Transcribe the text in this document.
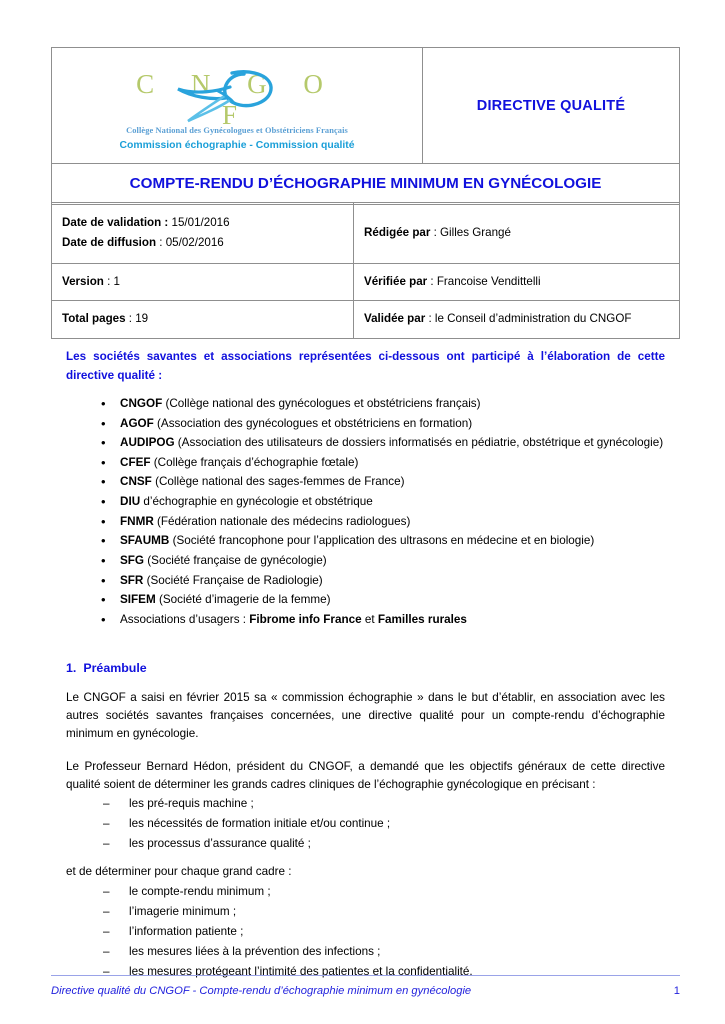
C N G O F
Collège National des Gynécologues et Obstétriciens Français
Commission échographie - Commission qualité
	DIRECTIVE QUALITÉ
COMPTE-RENDU D’ÉCHOGRAPHIE MINIMUM EN GYNÉCOLOGIE
Date de validation : 15/01/2016
Date de diffusion : 05/02/2016	Rédigée par : Gilles Grangé
Version : 1	Vérifiée par : Francoise Vendittelli
Total pages : 19	Validée par : le Conseil d’administration du CNGOF

Les sociétés savantes et associations représentées ci-dessous ont participé à l’élaboration de cette directive qualité :

• CNGOF (Collège national des gynécologues et obstétriciens français)
• AGOF (Association des gynécologues et obstétriciens en formation)
• AUDIPOG (Association des utilisateurs de dossiers informatisés en pédiatrie, obstétrique et gynécologie)
• CFEF (Collège français d’échographie fœtale)
• CNSF (Collège national des sages-femmes de France)
• DIU d’échographie en gynécologie et obstétrique
• FNMR (Fédération nationale des médecins radiologues)
• SFAUMB (Société francophone pour l’application des ultrasons en médecine et en biologie)
• SFG (Société française de gynécologie)
• SFR (Société Française de Radiologie)
• SIFEM (Société d’imagerie de la femme)
• Associations d’usagers : Fibrome info France et Familles rurales
1. Préambule

Le CNGOF a saisi en février 2015 sa « commission échographie » dans le but d’établir, en association avec les autres sociétés savantes françaises concernées, une directive qualité pour un compte-rendu d’échographie minimum en gynécologie.

Le Professeur Bernard Hédon, président du CNGOF, a demandé que les objectifs généraux de cette directive qualité soient de déterminer les grands cadres cliniques de l’échographie gynécologique en précisant :

– les pré-requis machine ;
– les nécessités de formation initiale et/ou continue ;
– les processus d’assurance qualité ;

et de déterminer pour chaque grand cadre :

– le compte-rendu minimum ;
– l’imagerie minimum ;
– l’information patiente ;
– les mesures liées à la prévention des infections ;
– les mesures protégeant l’intimité des patientes et la confidentialité.
Directive qualité du CNGOF - Compte-rendu d’échographie minimum en gynécologie	1
